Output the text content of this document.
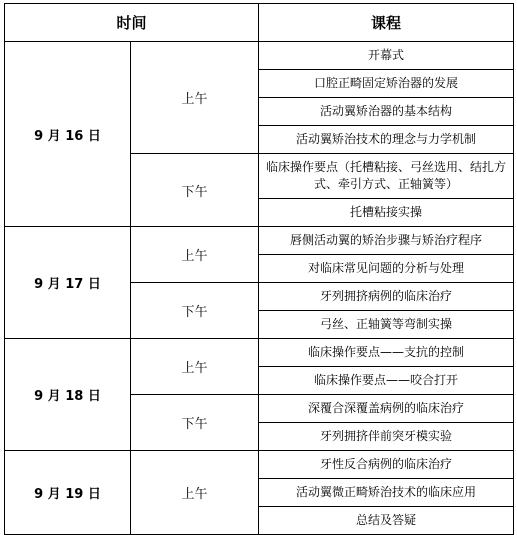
时间		课程
9 月 16 日	上午	开幕式
		口腔正畸固定矫治器的发展
		活动翼矫治器的基本结构
		活动翼矫治技术的理念与力学机制
	下午	临床操作要点（托槽粘接、弓丝选用、结扎方式、牵引方式、正轴簧等）
		托槽粘接实操
9 月 17 日	上午	唇侧活动翼的矫治步骤与矫治疗程序
		对临床常见问题的分析与处理
	下午	牙列拥挤病例的临床治疗
		弓丝、正轴簧等弯制实操
9 月 18 日	上午	临床操作要点——支抗的控制
		临床操作要点——咬合打开
	下午	深覆合深覆盖病例的临床治疗
		牙列拥挤伴前突牙模实验
9 月 19 日	上午	牙性反合病例的临床治疗
		活动翼微正畸矫治技术的临床应用
		总结及答疑
